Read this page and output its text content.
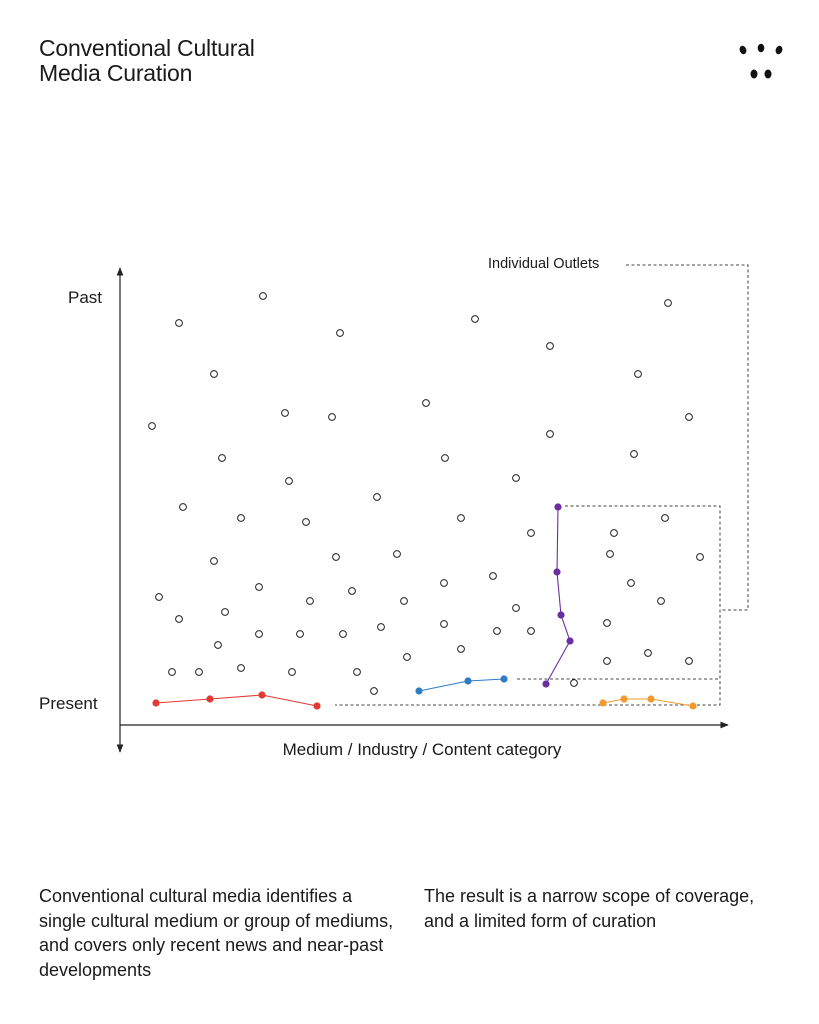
Conventional Cultural
Media Curation
Past
Present
Medium / Industry / Content category
Individual Outlets

Conventional cultural media identifies a single cultural medium or group of mediums, and covers only recent news and near-past developments

The result is a narrow scope of coverage, and a limited form of curation
